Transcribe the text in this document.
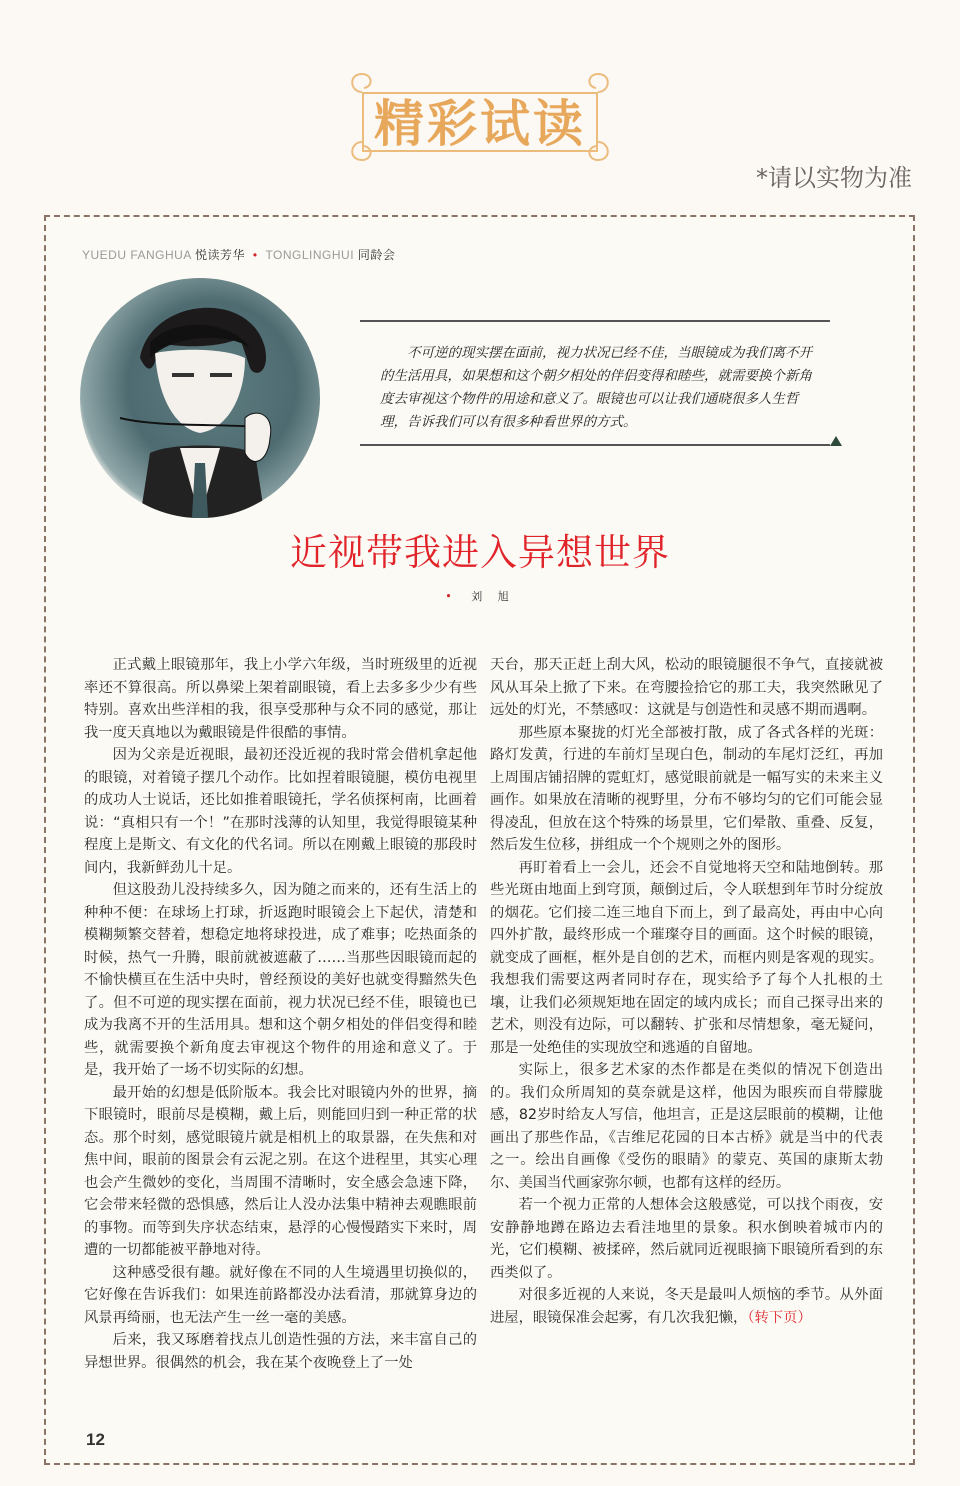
精彩试读
*请以实物为准
YUEDU FANGHUA 悦读芳华 • TONGLINGHUI 同龄会
不可逆的现实摆在面前，视力状况已经不佳，当眼镜成为我们离不开的生活用具，如果想和这个朝夕相处的伴侣变得和睦些，就需要换个新角度去审视这个物件的用途和意义了。眼镜也可以让我们通晓很多人生哲理，告诉我们可以有很多种看世界的方式。
近视带我进入异想世界
• 刘 旭

正式戴上眼镜那年，我上小学六年级，当时班级里的近视率还不算很高。所以鼻梁上架着副眼镜，看上去多多少少有些特别。喜欢出些洋相的我，很享受那种与众不同的感觉，那让我一度天真地以为戴眼镜是件很酷的事情。

因为父亲是近视眼，最初还没近视的我时常会借机拿起他的眼镜，对着镜子摆几个动作。比如捏着眼镜腿，模仿电视里的成功人士说话，还比如推着眼镜托，学名侦探柯南，比画着说：“真相只有一个！”在那时浅薄的认知里，我觉得眼镜某种程度上是斯文、有文化的代名词。所以在刚戴上眼镜的那段时间内，我新鲜劲儿十足。

但这股劲儿没持续多久，因为随之而来的，还有生活上的种种不便：在球场上打球，折返跑时眼镜会上下起伏，清楚和模糊频繁交替着，想稳定地将球投进，成了难事；吃热面条的时候，热气一升腾，眼前就被遮蔽了……当那些因眼镜而起的不愉快横亘在生活中央时，曾经预设的美好也就变得黯然失色了。但不可逆的现实摆在面前，视力状况已经不佳，眼镜也已成为我离不开的生活用具。想和这个朝夕相处的伴侣变得和睦些，就需要换个新角度去审视这个物件的用途和意义了。于是，我开始了一场不切实际的幻想。

最开始的幻想是低阶版本。我会比对眼镜内外的世界，摘下眼镜时，眼前尽是模糊，戴上后，则能回归到一种正常的状态。那个时刻，感觉眼镜片就是相机上的取景器，在失焦和对焦中间，眼前的图景会有云泥之别。在这个进程里，其实心理也会产生微妙的变化，当周围不清晰时，安全感会急速下降，它会带来轻微的恐惧感，然后让人没办法集中精神去观瞧眼前的事物。而等到失序状态结束，悬浮的心慢慢踏实下来时，周遭的一切都能被平静地对待。

这种感受很有趣。就好像在不同的人生境遇里切换似的，它好像在告诉我们：如果连前路都没办法看清，那就算身边的风景再绮丽，也无法产生一丝一毫的美感。

后来，我又琢磨着找点儿创造性强的方法，来丰富自己的异想世界。很偶然的机会，我在某个夜晚登上了一处

天台，那天正赶上刮大风，松动的眼镜腿很不争气，直接就被风从耳朵上掀了下来。在弯腰捡拾它的那工夫，我突然瞅见了远处的灯光，不禁感叹：这就是与创造性和灵感不期而遇啊。

那些原本聚拢的灯光全部被打散，成了各式各样的光斑：路灯发黄，行进的车前灯呈现白色，制动的车尾灯泛红，再加上周围店铺招牌的霓虹灯，感觉眼前就是一幅写实的未来主义画作。如果放在清晰的视野里，分布不够均匀的它们可能会显得凌乱，但放在这个特殊的场景里，它们晕散、重叠、反复，然后发生位移，拼组成一个个规则之外的图形。

再盯着看上一会儿，还会不自觉地将天空和陆地倒转。那些光斑由地面上到穹顶，颠倒过后，令人联想到年节时分绽放的烟花。它们接二连三地自下而上，到了最高处，再由中心向四外扩散，最终形成一个璀璨夺目的画面。这个时候的眼镜，就变成了画框，框外是自创的艺术，而框内则是客观的现实。我想我们需要这两者同时存在，现实给予了每个人扎根的土壤，让我们必须规矩地在固定的域内成长；而自己探寻出来的艺术，则没有边际，可以翻转、扩张和尽情想象，毫无疑问，那是一处绝佳的实现放空和逃遁的自留地。

实际上，很多艺术家的杰作都是在类似的情况下创造出的。我们众所周知的莫奈就是这样，他因为眼疾而自带朦胧感，82岁时给友人写信，他坦言，正是这层眼前的模糊，让他画出了那些作品，《吉维尼花园的日本古桥》就是当中的代表之一。绘出自画像《受伤的眼睛》的蒙克、英国的康斯太勃尔、美国当代画家弥尔顿，也都有这样的经历。

若一个视力正常的人想体会这般感觉，可以找个雨夜，安安静静地蹲在路边去看洼地里的景象。积水倒映着城市内的光，它们模糊、被揉碎，然后就同近视眼摘下眼镜所看到的东西类似了。

对很多近视的人来说，冬天是最叫人烦恼的季节。从外面进屋，眼镜保准会起雾，有几次我犯懒，（转下页）

12
